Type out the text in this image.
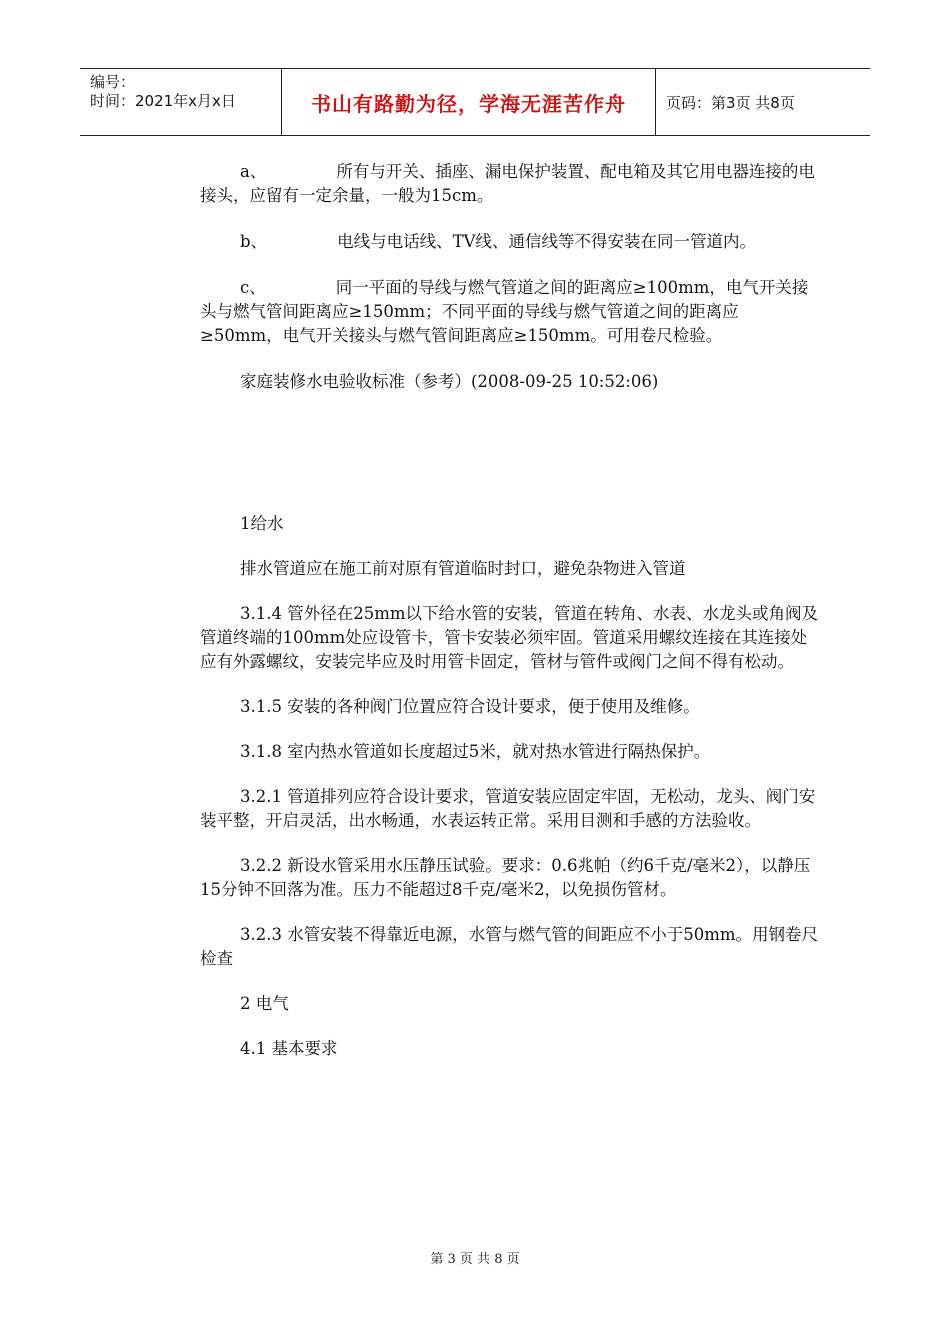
编号：
时间：2021年x月x日	书山有路勤为径，学海无涯苦作舟	页码：第3页 共8页

a、	所有与开关、插座、漏电保护装置、配电箱及其它用电器连接的电接头，应留有一定余量，一般为15cm。

b、	电线与电话线、TV线、通信线等不得安装在同一管道内。

c、	同一平面的导线与燃气管道之间的距离应≥100mm，电气开关接头与燃气管间距离应≥150mm；不同平面的导线与燃气管道之间的距离应≥50mm，电气开关接头与燃气管间距离应≥150mm。可用卷尺检验。

家庭装修水电验收标准（参考）(2008-09-25 10:52:06)

1给水

排水管道应在施工前对原有管道临时封口，避免杂物进入管道

3.1.4 管外径在25mm以下给水管的安装，管道在转角、水表、水龙头或角阀及管道终端的100mm处应设管卡，管卡安装必须牢固。管道采用螺纹连接在其连接处应有外露螺纹，安装完毕应及时用管卡固定，管材与管件或阀门之间不得有松动。

3.1.5 安装的各种阀门位置应符合设计要求，便于使用及维修。

3.1.8 室内热水管道如长度超过5米，就对热水管进行隔热保护。

3.2.1 管道排列应符合设计要求，管道安装应固定牢固，无松动，龙头、阀门安装平整，开启灵活，出水畅通，水表运转正常。采用目测和手感的方法验收。

3.2.2 新设水管采用水压静压试验。要求：0.6兆帕（约6千克/毫米2），以静压15分钟不回落为准。压力不能超过8千克/毫米2，以免损伤管材。

3.2.3 水管安装不得靠近电源，水管与燃气管的间距应不小于50mm。用钢卷尺检查

2 电气

4.1 基本要求

第 3 页 共 8 页
